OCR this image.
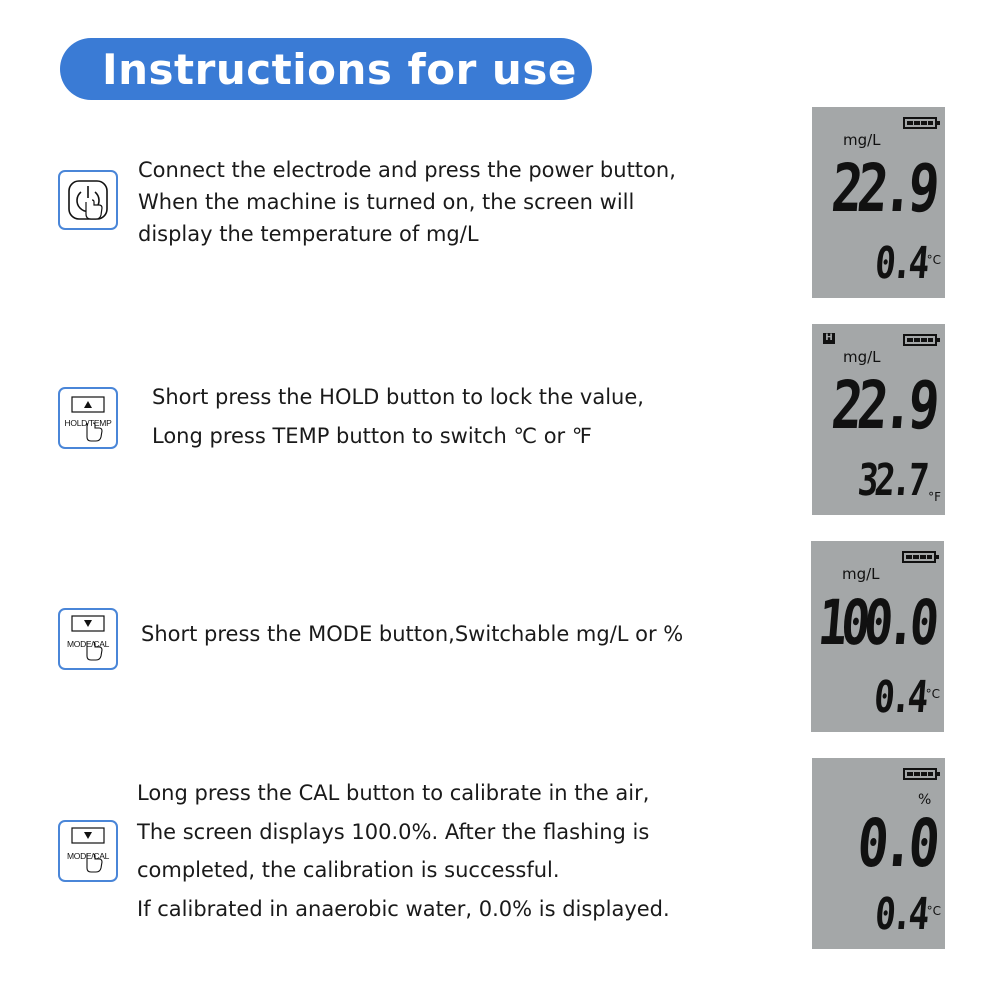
Instructions for use
Connect the electrode and press the power button,
When the machine is turned on, the screen will
display the temperature of mg/L
mg/L
22.9
0.4 °C
HOLD/TEMP
Short press the HOLD button to lock the value,
Long press TEMP button to switch ℃ or ℉
H
mg/L
22.9
32.7 °F
MODE/CAL	Short press the MODE button,Switchable mg/L or %
mg/L
100.0
0.4 °C
MODE/CAL
Long press the CAL button to calibrate in the air,
The screen displays 100.0%. After the flashing is
completed, the calibration is successful.
If calibrated in anaerobic water, 0.0% is displayed.
%
0.0
0.4 °C
